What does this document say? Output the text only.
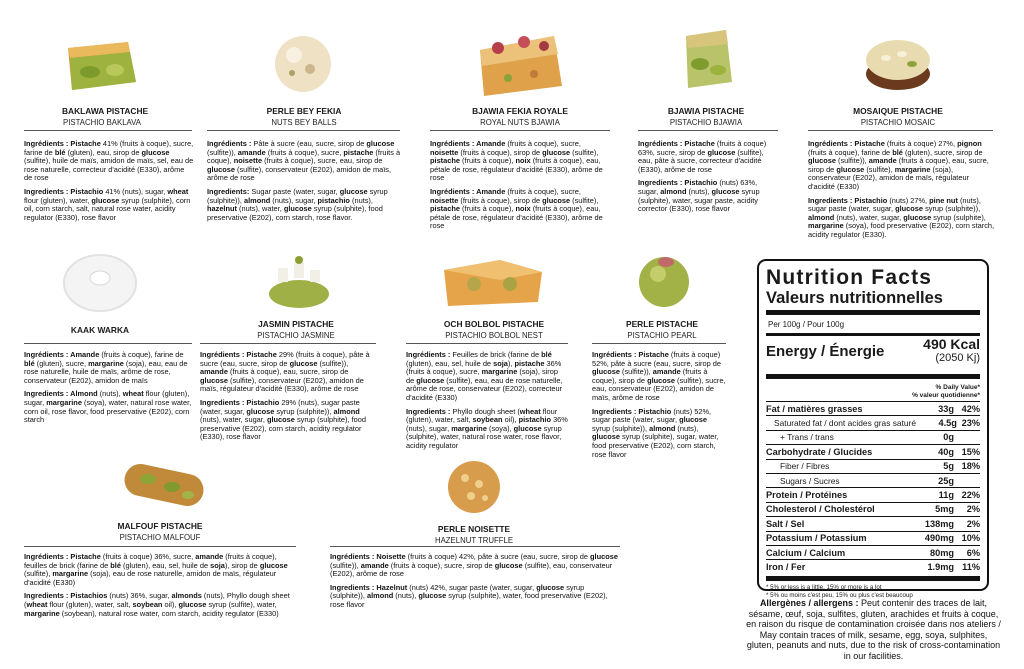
BAKLAWA PISTACHE
PISTACHIO BAKLAVA

Ingrédients : Pistache 41% (fruits à coque), sucre, farine de blé (gluten), eau, sirop de glucose (sulfite), huile de maïs, amidon de maïs, sel, eau de rose naturelle, correcteur d'acidité (E330), arôme de rose

Ingredients : Pistachio 41% (nuts), sugar, wheat flour (gluten), water, glucose syrup (sulphite), corn oil, corn starch, salt, natural rose water, acidity regulator (E330), rose flavor

PERLE BEY FEKIA
NUTS BEY BALLS

Ingrédients : Pâte à sucre (eau, sucre, sirop de glucose (sulfite)), amande (fruits à coque), sucre, pistache (fruits à coque), noisette (fruits à coque), sucre, eau, sirop de glucose (sulfite), conservateur (E202), amidon de maïs, arôme de rose

Ingredients: Sugar paste (water, sugar, glucose syrup (sulphite)), almond (nuts), sugar, pistachio (nuts), hazelnut (nuts), water, glucose syrup (sulphite), food preservative (E202), corn starch, rose flavor.

BJAWIA FEKIA ROYALE
ROYAL NUTS BJAWIA

Ingrédients : Amande (fruits à coque), sucre, noisette (fruits à coque), sirop de glucose (sulfite), pistache (fruits à coque), noix (fruits à coque), eau, pétale de rose, régulateur d'acidité (E330), arôme de rose

Ingrédients : Amande (fruits à coque), sucre, noisette (fruits à coque), sirop de glucose (sulfite), pistache (fruits à coque), noix (fruits à coque), eau, pétale de rose, régulateur d'acidité (E330), arôme de rose

BJAWIA PISTACHE
PISTACHIO BJAWIA

Ingrédients : Pistache (fruits à coque) 63%, sucre, sirop de glucose (sulfite), eau, pâte à sucre, correcteur d'acidité (E330), arôme de rose

Ingredients : Pistachio (nuts) 63%, sugar, almond (nuts), glucose syrup (sulphite), water, sugar paste, acidity corrector (E330), rose flavor

MOSAIQUE PISTACHE
PISTACHIO MOSAIC

Ingrédients : Pistache (fruits à coque) 27%, pignon (fruits à coque), farine de blé (gluten), sucre, sirop de glucose (sulfite)), amande (fruits à coque), eau, sucre, sirop de glucose (sulfite), margarine (soja), conservateur (E202), amidon de maïs, régulateur d'acidité (E330)

Ingredients : Pistachio (nuts) 27%, pine nut (nuts), sugar paste (water, sugar, glucose syrup (sulphite)), almond (nuts), water, sugar, glucose syrup (sulphite), margarine (soya), food preservative (E202), corn starch, acidity regulator (E330).

KAAK WARKA

Ingrédients : Amande (fruits à coque), farine de blé (gluten), sucre, margarine (soja), eau, eau de rose naturelle, huile de maïs, arôme de rose, conservateur (E202), amidon de maïs

Ingredients : Almond (nuts), wheat flour (gluten), sugar, margarine (soya), water, natural rose water, corn oil, rose flavor, food preservative (E202), corn starch

JASMIN PISTACHE
PISTACHIO JASMINE

Ingrédients : Pistache 29% (fruits à coque), pâte à sucre (eau, sucre, sirop de glucose (sulfite)), amande (fruits à coque), eau, sucre, sirop de glucose (sulfite), conservateur (E202), amidon de maïs, régulateur d'acidité (E330), arôme de rose

Ingredients : Pistachio 29% (nuts), sugar paste (water, sugar, glucose syrup (sulphite)), almond (nuts), water, sugar, glucose syrup (sulphite), food preservative (E202), corn starch, acidity regulator (E330), rose flavor

OCH BOLBOL PISTACHE
PISTACHIO BOLBOL NEST

Ingrédients : Feuilles de brick (farine de blé (gluten), eau, sel, huile de soja), pistache 36% (fruits à coque), sucre, margarine (soja), sirop de glucose (sulfite), eau, eau de rose naturelle, arôme de rose, conservateur (E202), correcteur d'acidité (E330)

Ingredients : Phyllo dough sheet (wheat flour (gluten), water, salt, soybean oil), pistachio 36% (nuts), sugar, margarine (soya), glucose syrup (sulphite), water, natural rose water, rose flavor, acidity regulator

PERLE PISTACHE
PISTACHIO PEARL

Ingrédients : Pistache (fruits à coque) 52%, pâte à sucre (eau, sucre, sirop de glucose (sulfite)), amande (fruits à coque), sirop de glucose (sulfite), sucre, eau, conservateur (E202), amidon de maïs, arôme de rose

Ingredients : Pistachio (nuts) 52%, sugar paste (water, sugar, glucose syrup (sulphite)), almond (nuts), glucose syrup (sulphite), sugar, water, food preservative (E202), corn starch, rose flavor

MALFOUF PISTACHE
PISTACHIO MALFOUF

Ingrédients : Pistache (fruits à coque) 36%, sucre, amande (fruits à coque), feuilles de brick (farine de blé (gluten), eau, sel, huile de soja), sirop de glucose (sulfite), margarine (soja), eau de rose naturelle, amidon de maïs, régulateur d'acidité (E330)

Ingredients : Pistachios (nuts) 36%, sugar, almonds (nuts), Phyllo dough sheet (wheat flour (gluten), water, salt, soybean oil), glucose syrup (sulfite), water, margarine (soybean), natural rose water, corn starch, acidity regulator (E330)

PERLE NOISETTE
HAZELNUT TRUFFLE

Ingrédients : Noisette (fruits à coque) 42%, pâte à sucre (eau, sucre, sirop de glucose (sulfite)), amande (fruits à coque), sucre, sirop de glucose (sulfite), eau, conservateur (E202), arôme de rose

Ingredients : Hazelnut (nuts) 42%, sugar paste (water, sugar, glucose syrup (sulphite)), almond (nuts), glucose syrup (sulphite), water, food preservative (E202), rose flavor

Nutrition Facts
Valeurs nutritionnelles
Per 100g / Pour 100g
Energy / Énergie	490 Kcal
(2050 Kj)
% Daily Value*
% valeur quotidienne*
Fat / matières grasses	33g 42%
Saturated fat / dont acides gras saturé	4.5g 23%
+ Trans / trans	0g
Carbohydrate / Glucides	40g 15%
Fiber / Fibres	5g 18%
Sugars / Sucres	25g
Protein / Protéines	11g 22%
Cholesterol / Cholestérol	5mg	2%
Salt / Sel	138mg	2%
Potassium / Potassium	490mg 10%
Calcium / Calcium	80mg	6%
Iron / Fer	1.9mg 11%
* 5% or less is a little, 15% or more is a lot
* 5% ou moins c'est peu, 15% ou plus c'est beaucoup
Allergènes / allergens : Peut contenir des traces de lait, sésame, œuf, soja, sulfites, gluten, arachides et fruits à coque, en raison du risque de contamination croisée dans nos ateliers / May contain traces of milk, sesame, egg, soya, sulphites, gluten, peanuts and nuts, due to the risk of cross-contamination in our facilities.
